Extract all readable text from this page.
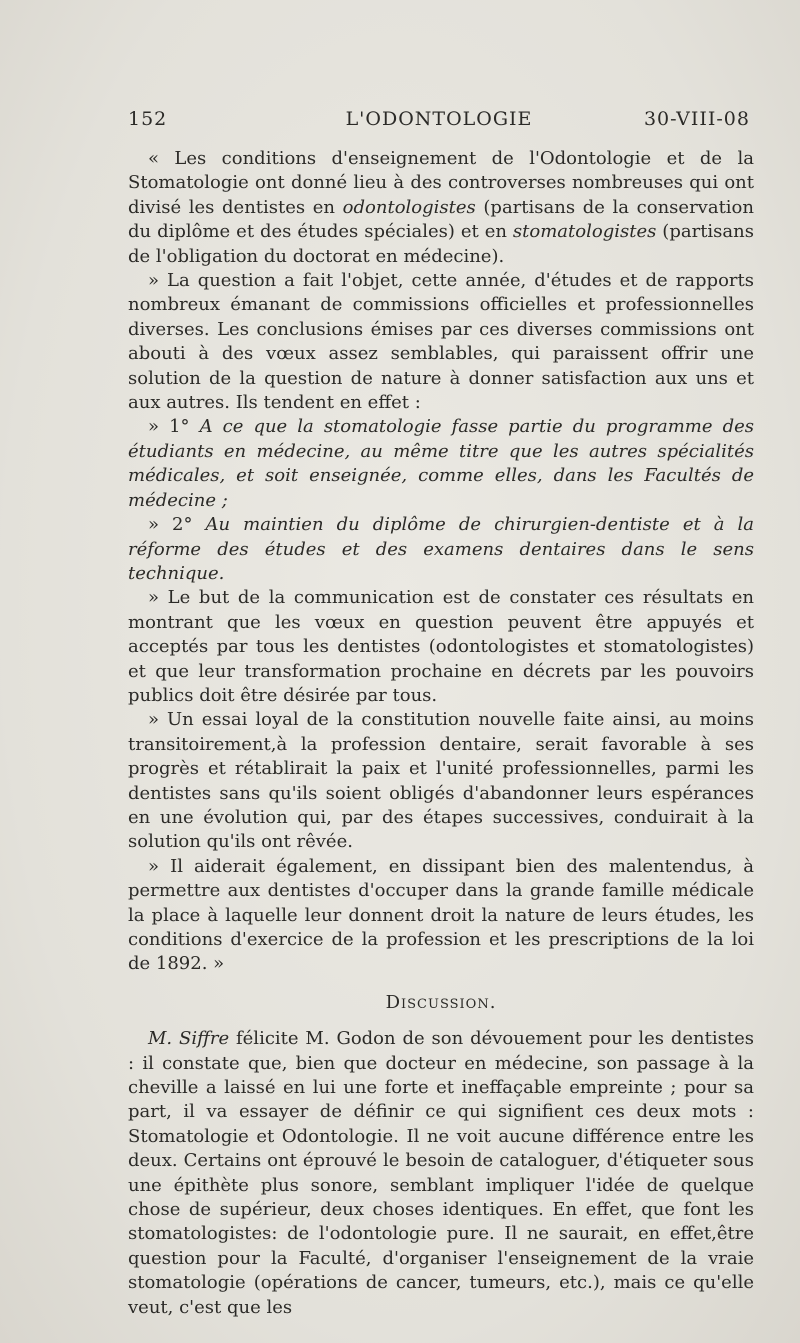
152	L'ODONTOLOGIE	30-VIII-08

« Les conditions d'enseignement de l'Odontologie et de la Stomatologie ont donné lieu à des controverses nombreuses qui ont divisé les dentistes en odontologistes (partisans de la conservation du diplôme et des études spéciales) et en stomatologistes (partisans de l'obligation du doctorat en médecine).

» La question a fait l'objet, cette année, d'études et de rapports nombreux émanant de commissions officielles et professionnelles diverses. Les conclusions émises par ces diverses commissions ont abouti à des vœux assez semblables, qui paraissent offrir une solution de la question de nature à donner satisfaction aux uns et aux autres. Ils tendent en effet :

» 1° A ce que la stomatologie fasse partie du programme des étudiants en médecine, au même titre que les autres spécialités médicales, et soit enseignée, comme elles, dans les Facultés de médecine ;

» 2° Au maintien du diplôme de chirurgien-dentiste et à la réforme des études et des examens dentaires dans le sens technique.

» Le but de la communication est de constater ces résultats en montrant que les vœux en question peuvent être appuyés et acceptés par tous les dentistes (odontologistes et stomatologistes) et que leur transformation prochaine en décrets par les pouvoirs publics doit être désirée par tous.

» Un essai loyal de la constitution nouvelle faite ainsi, au moins transitoirement,à la profession dentaire, serait favorable à ses progrès et rétablirait la paix et l'unité professionnelles, parmi les dentistes sans qu'ils soient obligés d'abandonner leurs espérances en une évolution qui, par des étapes successives, conduirait à la solution qu'ils ont rêvée.

» Il aiderait également, en dissipant bien des malentendus, à permettre aux dentistes d'occuper dans la grande famille médicale la place à laquelle leur donnent droit la nature de leurs études, les conditions d'exercice de la profession et les prescriptions de la loi de 1892. »

Discussion.

M. Siffre félicite M. Godon de son dévouement pour les dentistes : il constate que, bien que docteur en médecine, son passage à la cheville a laissé en lui une forte et ineffaçable empreinte ; pour sa part, il va essayer de définir ce qui signifient ces deux mots : Stomatologie et Odontologie. Il ne voit aucune différence entre les deux. Certains ont éprouvé le besoin de cataloguer, d'étiqueter sous une épithète plus sonore, semblant impliquer l'idée de quelque chose de supérieur, deux choses identiques. En effet, que font les stomatologistes: de l'odontologie pure. Il ne saurait, en effet,être question pour la Faculté, d'organiser l'enseignement de la vraie stomatologie (opérations de cancer, tumeurs, etc.), mais ce qu'elle veut, c'est que les
